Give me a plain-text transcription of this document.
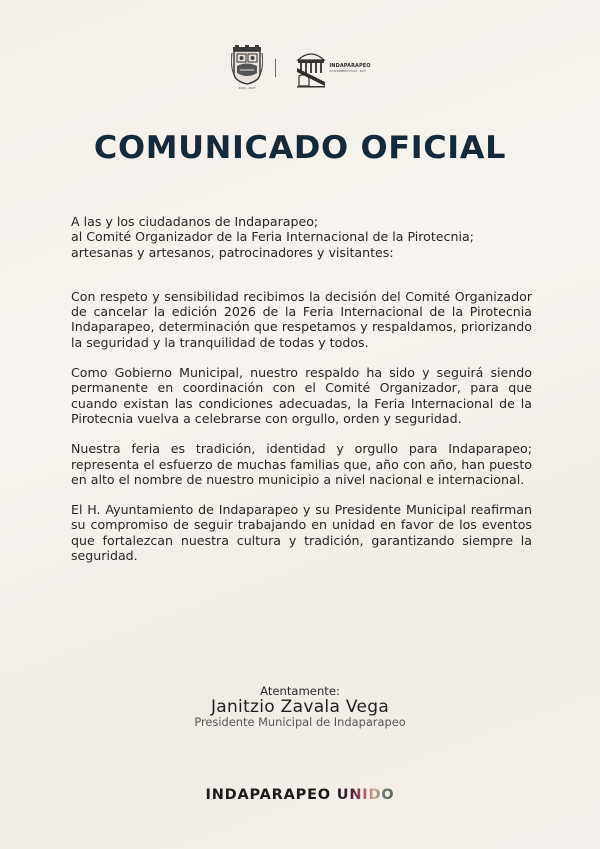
2024 - 2027
INDAPARAPEO
AYUNTAMIENTO 2024 - 2027
COMUNICADO OFICIAL

A las y los ciudadanos de Indaparapeo;

al Comité Organizador de la Feria Internacional de la Pirotecnia;

artesanas y artesanos, patrocinadores y visitantes:

Con respeto y sensibilidad recibimos la decisión del Comité Organizador de cancelar la edición 2026 de la Feria Internacional de la Pirotecnia Indaparapeo, determinación que respetamos y respaldamos, priorizando la seguridad y la tranquilidad de todas y todos.

Como Gobierno Municipal, nuestro respaldo ha sido y seguirá siendo permanente en coordinación con el Comité Organizador, para que cuando existan las condiciones adecuadas, la Feria Internacional de la Pirotecnia vuelva a celebrarse con orgullo, orden y seguridad.

Nuestra feria es tradición, identidad y orgullo para Indaparapeo; representa el esfuerzo de muchas familias que, año con año, han puesto en alto el nombre de nuestro municipio a nivel nacional e internacional.

El H. Ayuntamiento de Indaparapeo y su Presidente Municipal reafirman su compromiso de seguir trabajando en unidad en favor de los eventos que fortalezcan nuestra cultura y tradición, garantizando siempre la seguridad.

Atentamente:
Janitzio Zavala Vega
Presidente Municipal de Indaparapeo
INDAPARAPEO UNIDO
